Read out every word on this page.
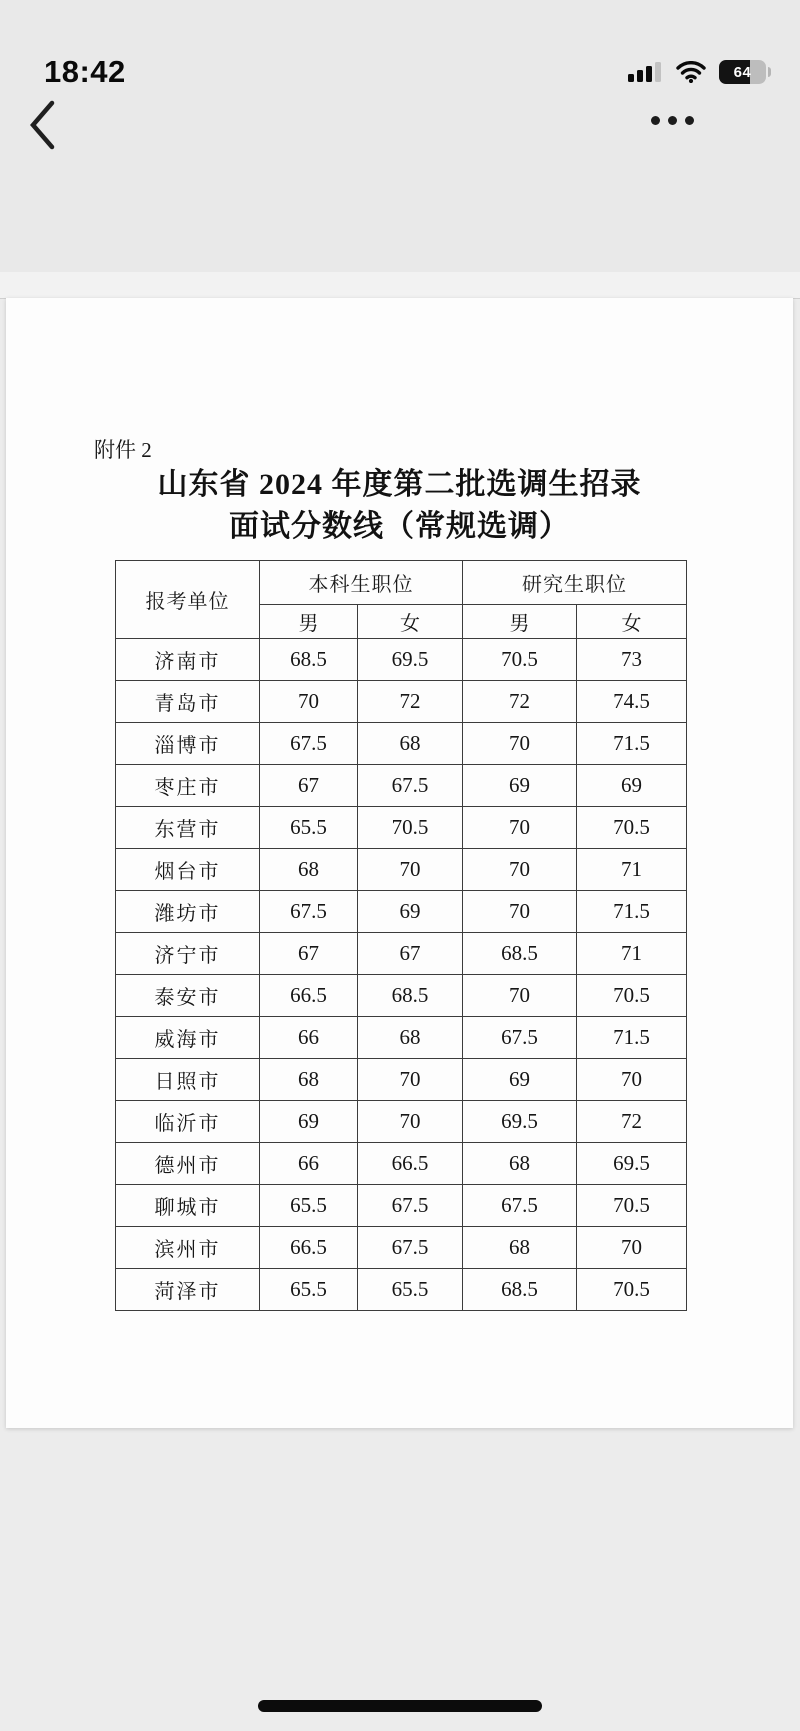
18:42	64
附件 2
山东省 2024 年度第二批选调生招录
面试分数线（常规选调）
报考单位	本科生职位		研究生职位	
	男	女	男	女
济南市	68.5	69.5	70.5	73
青岛市	70	72	72	74.5
淄博市	67.5	68	70	71.5
枣庄市	67	67.5	69	69
东营市	65.5	70.5	70	70.5
烟台市	68	70	70	71
潍坊市	67.5	69	70	71.5
济宁市	67	67	68.5	71
泰安市	66.5	68.5	70	70.5
威海市	66	68	67.5	71.5
日照市	68	70	69	70
临沂市	69	70	69.5	72
德州市	66	66.5	68	69.5
聊城市	65.5	67.5	67.5	70.5
滨州市	66.5	67.5	68	70
菏泽市	65.5	65.5	68.5	70.5
